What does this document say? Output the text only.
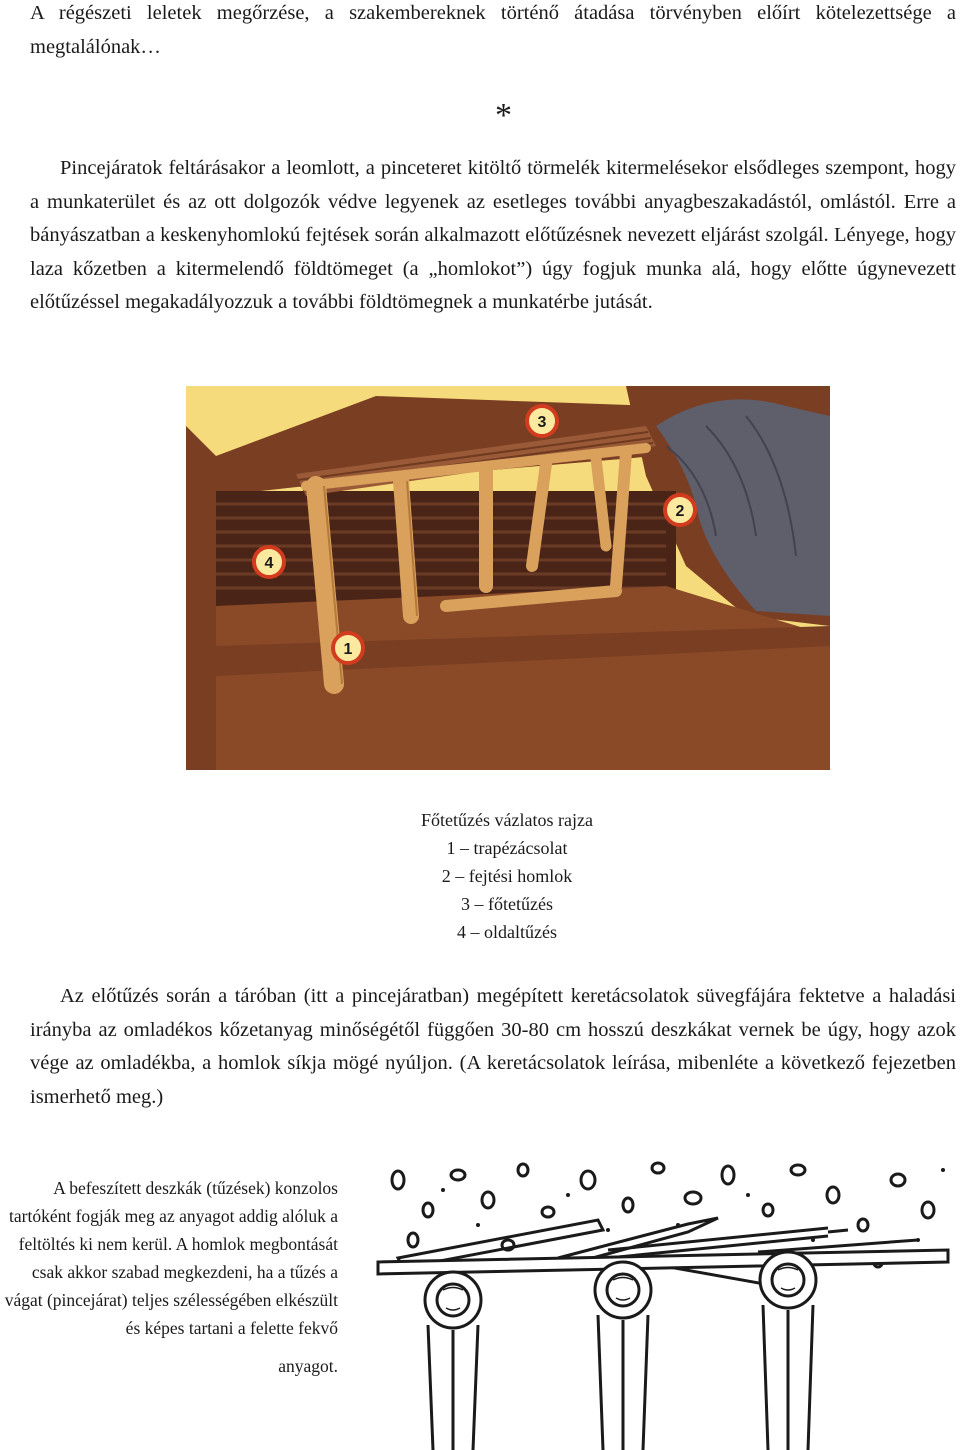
A régészeti leletek megőrzése, a szakembereknek történő átadása törvényben előírt kötelezettsége a megtalálónak…

*

Pincejáratok feltárásakor a leomlott, a pinceteret kitöltő törmelék kitermelésekor elsődleges szempont, hogy a munkaterület és az ott dolgozók védve legyenek az esetleges további anyagbeszakadástól, omlástól. Erre a bányászatban a keskenyhomlokú fejtések során alkalmazott előtűzésnek nevezett eljárást szolgál. Lényege, hogy laza kőzetben a kitermelendő földtömeget (a „homlokot”) úgy fogjuk munka alá, hogy előtte úgynevezett előtűzéssel megakadályozzuk a további földtömegnek a munkatérbe jutását.

3
2
4
1
Főtetűzés vázlatos rajza
1 – trapézácsolat
2 – fejtési homlok
3 – főtetűzés
4 – oldaltűzés

Az előtűzés során a táróban (itt a pincejáratban) megépített keretácsolatok süvegfájára fektetve a haladási irányba az omladékos kőzetanyag minőségétől függően 30-80 cm hosszú deszkákat vernek be úgy, hogy azok vége az omladékba, a homlok síkja mögé nyúljon. (A keretácsolatok leírása, mibenléte a következő fejezetben ismerhető meg.)

A befeszített deszkák (tűzések) konzolos tartóként fogják meg az anyagot addig alóluk a feltöltés ki nem kerül. A homlok megbontását csak akkor szabad megkezdeni, ha a tűzés a vágat (pincejárat) teljes szélességében elkészült és képes tartani a felette fekvő
anyagot.
